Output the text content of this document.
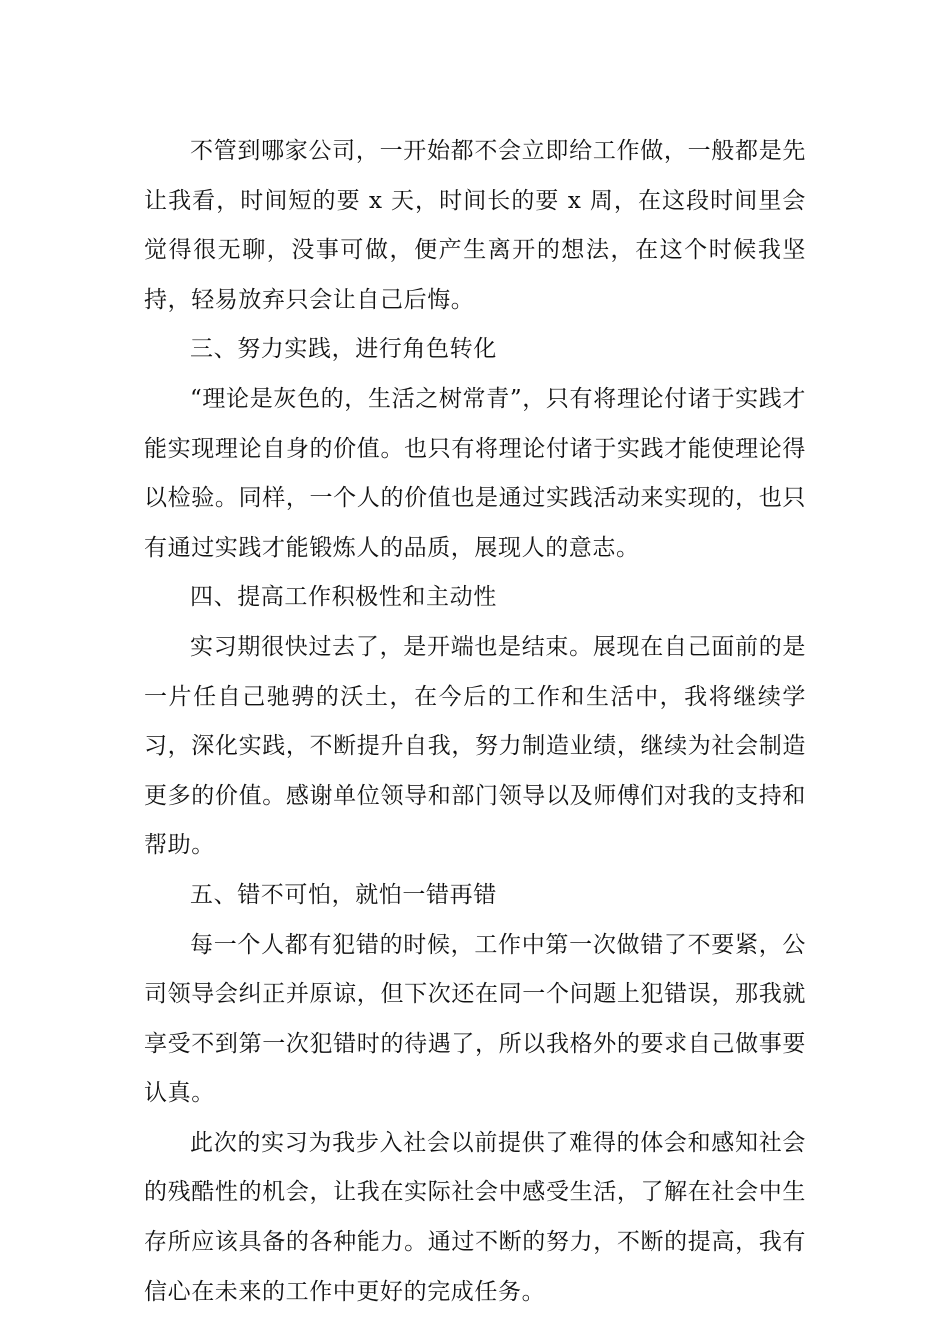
不管到哪家公司，一开始都不会立即给工作做，一般都是先让我看，时间短的要 x 天，时间长的要 x 周，在这段时间里会觉得很无聊，没事可做，便产生离开的想法，在这个时候我坚持，轻易放弃只会让自己后悔。

三、努力实践，进行角色转化

“理论是灰色的，生活之树常青”，只有将理论付诸于实践才能实现理论自身的价值。也只有将理论付诸于实践才能使理论得以检验。同样，一个人的价值也是通过实践活动来实现的，也只有通过实践才能锻炼人的品质，展现人的意志。

四、提高工作积极性和主动性

实习期很快过去了，是开端也是结束。展现在自己面前的是一片任自己驰骋的沃土，在今后的工作和生活中，我将继续学习，深化实践，不断提升自我，努力制造业绩，继续为社会制造更多的价值。感谢单位领导和部门领导以及师傅们对我的支持和帮助。

五、错不可怕，就怕一错再错

每一个人都有犯错的时候，工作中第一次做错了不要紧，公司领导会纠正并原谅，但下次还在同一个问题上犯错误，那我就享受不到第一次犯错时的待遇了，所以我格外的要求自己做事要认真。

此次的实习为我步入社会以前提供了难得的体会和感知社会的残酷性的机会，让我在实际社会中感受生活，了解在社会中生存所应该具备的各种能力。通过不断的努力，不断的提高，我有信心在未来的工作中更好的完成任务。
